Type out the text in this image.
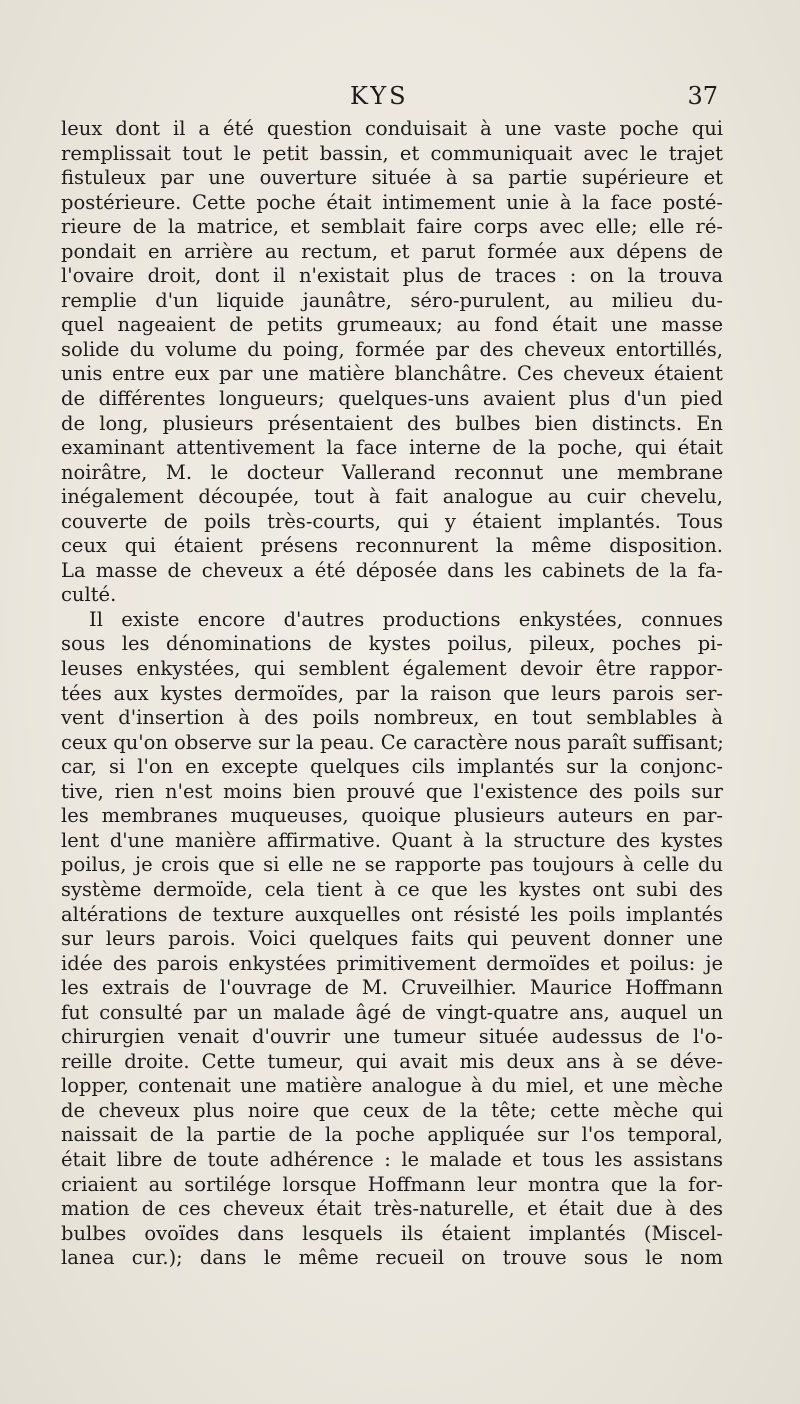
KYS	37
leux dont il a été question conduisait à une vaste poche qui
remplissait tout le petit bassin, et communiquait avec le trajet
fistuleux par une ouverture située à sa partie supérieure et
postérieure. Cette poche était intimement unie à la face posté-
rieure de la matrice, et semblait faire corps avec elle; elle ré-
pondait en arrière au rectum, et parut formée aux dépens de
l'ovaire droit, dont il n'existait plus de traces : on la trouva
remplie d'un liquide jaunâtre, séro-purulent, au milieu du-
quel nageaient de petits grumeaux; au fond était une masse
solide du volume du poing, formée par des cheveux entortillés,
unis entre eux par une matière blanchâtre. Ces cheveux étaient
de différentes longueurs; quelques-uns avaient plus d'un pied
de long, plusieurs présentaient des bulbes bien distincts. En
examinant attentivement la face interne de la poche, qui était
noirâtre, M. le docteur Vallerand reconnut une membrane
inégalement découpée, tout à fait analogue au cuir chevelu,
couverte de poils très-courts, qui y étaient implantés. Tous
ceux qui étaient présens reconnurent la même disposition.
La masse de cheveux a été déposée dans les cabinets de la fa-
culté.
Il existe encore d'autres productions enkystées, connues
sous les dénominations de kystes poilus, pileux, poches pi-
leuses enkystées, qui semblent également devoir être rappor-
tées aux kystes dermoïdes, par la raison que leurs parois ser-
vent d'insertion à des poils nombreux, en tout semblables à
ceux qu'on observe sur la peau. Ce caractère nous paraît suffisant;
car, si l'on en excepte quelques cils implantés sur la conjonc-
tive, rien n'est moins bien prouvé que l'existence des poils sur
les membranes muqueuses, quoique plusieurs auteurs en par-
lent d'une manière affirmative. Quant à la structure des kystes
poilus, je crois que si elle ne se rapporte pas toujours à celle du
système dermoïde, cela tient à ce que les kystes ont subi des
altérations de texture auxquelles ont résisté les poils implantés
sur leurs parois. Voici quelques faits qui peuvent donner une
idée des parois enkystées primitivement dermoïdes et poilus: je
les extrais de l'ouvrage de M. Cruveilhier. Maurice Hoffmann
fut consulté par un malade âgé de vingt-quatre ans, auquel un
chirurgien venait d'ouvrir une tumeur située audessus de l'o-
reille droite. Cette tumeur, qui avait mis deux ans à se déve-
lopper, contenait une matière analogue à du miel, et une mèche
de cheveux plus noire que ceux de la tête; cette mèche qui
naissait de la partie de la poche appliquée sur l'os temporal,
était libre de toute adhérence : le malade et tous les assistans
criaient au sortilége lorsque Hoffmann leur montra que la for-
mation de ces cheveux était très-naturelle, et était due à des
bulbes ovoïdes dans lesquels ils étaient implantés (Miscel-
lanea cur.); dans le même recueil on trouve sous le nom
